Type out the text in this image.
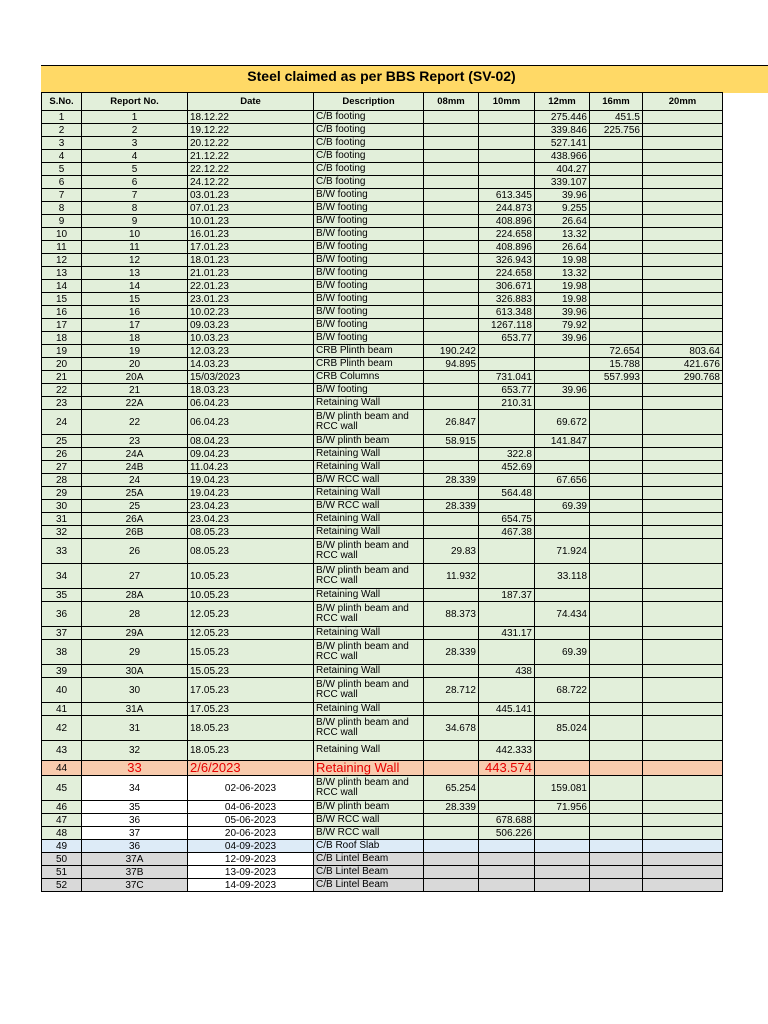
Steel claimed as per BBS Report (SV-02)
S.No.	Report No.	Date	Description	08mm	10mm	12mm	16mm	20mm
1	1	18.12.22	C/B footing			275.446	451.5	
2	2	19.12.22	C/B footing			339.846	225.756	
3	3	20.12.22	C/B footing			527.141		
4	4	21.12.22	C/B footing			438.966		
5	5	22.12.22	C/B footing			404.27		
6	6	24.12.22	C/B footing			339.107		
7	7	03.01.23	B/W footing		613.345	39.96		
8	8	07.01.23	B/W footing		244.873	9.255		
9	9	10.01.23	B/W footing		408.896	26.64		
10	10	16.01.23	B/W footing		224.658	13.32		
11	11	17.01.23	B/W footing		408.896	26.64		
12	12	18.01.23	B/W footing		326.943	19.98		
13	13	21.01.23	B/W footing		224.658	13.32		
14	14	22.01.23	B/W footing		306.671	19.98		
15	15	23.01.23	B/W footing		326.883	19.98		
16	16	10.02.23	B/W footing		613.348	39.96		
17	17	09.03.23	B/W footing		1267.118	79.92		
18	18	10.03.23	B/W footing		653.77	39.96		
19	19	12.03.23	CRB Plinth beam	190.242			72.654	803.64
20	20	14.03.23	CRB Plinth beam	94.895			15.788	421.676
21	20A	15/03/2023	CRB Columns		731.041		557.993	290.768
22	21	18.03.23	B/W footing		653.77	39.96		
23	22A	06.04.23	Retaining Wall		210.31			
24	22	06.04.23	B/W plinth beam and RCC wall	26.847		69.672		
25	23	08.04.23	B/W plinth beam	58.915		141.847		
26	24A	09.04.23	Retaining Wall		322.8			
27	24B	11.04.23	Retaining Wall		452.69			
28	24	19.04.23	B/W RCC wall	28.339		67.656		
29	25A	19.04.23	Retaining Wall		564.48			
30	25	23.04.23	B/W RCC wall	28.339		69.39		
31	26A	23.04.23	Retaining Wall		654.75			
32	26B	08.05.23	Retaining Wall		467.38			
33	26	08.05.23	B/W plinth beam and RCC wall	29.83		71.924		
34	27	10.05.23	B/W plinth beam and RCC wall	11.932		33.118		
35	28A	10.05.23	Retaining Wall		187.37			
36	28	12.05.23	B/W plinth beam and RCC wall	88.373		74.434		
37	29A	12.05.23	Retaining Wall		431.17			
38	29	15.05.23	B/W plinth beam and RCC wall	28.339		69.39		
39	30A	15.05.23	Retaining Wall		438			
40	30	17.05.23	B/W plinth beam and RCC wall	28.712		68.722		
41	31A	17.05.23	Retaining Wall		445.141			
42	31	18.05.23	B/W plinth beam and RCC wall	34.678		85.024		
43	32	18.05.23	Retaining Wall		442.333			
44	33	2/6/2023	Retaining Wall		443.574			
45	34	02-06-2023	B/W plinth beam and RCC wall	65.254		159.081		
46	35	04-06-2023	B/W plinth beam	28.339		71.956		
47	36	05-06-2023	B/W RCC wall		678.688			
48	37	20-06-2023	B/W RCC wall		506.226			
49	36	04-09-2023	C/B Roof Slab					
50	37A	12-09-2023	C/B Lintel Beam					
51	37B	13-09-2023	C/B Lintel Beam					
52	37C	14-09-2023	C/B Lintel Beam					
